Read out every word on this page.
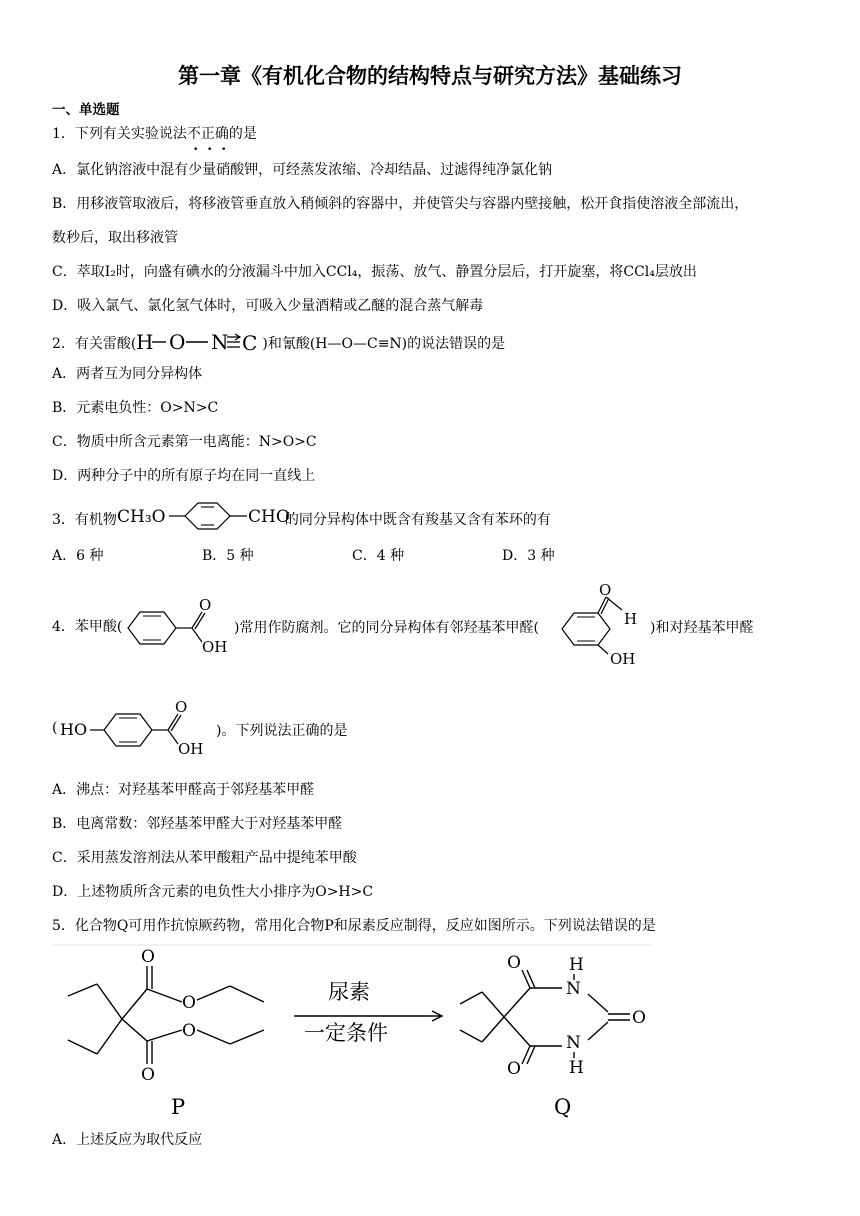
第一章《有机化合物的结构特点与研究方法》基础练习
一、单选题
1．下列有关实验说法不正确的是
A．氯化钠溶液中混有少量硝酸钾，可经蒸发浓缩、冷却结晶、过滤得纯净氯化钠
B．用移液管取液后，将移液管垂直放入稍倾斜的容器中，并使管尖与容器内壁接触，松开食指使溶液全部流出，
数秒后，取出移液管
C．萃取I₂时，向盛有碘水的分液漏斗中加入CCl₄，振荡、放气、静置分层后，打开旋塞，将CCl₄层放出
D．吸入氯气、氯化氢气体时，可吸入少量酒精或乙醚的混合蒸气解毒
2．有关雷酸( H O N C )和氰酸(H—O—C≡N)的说法错误的是
A．两者互为同分异构体
B．元素电负性：O>N>C
C．物质中所含元素第一电离能：N>O>C
D．两种分子中的所有原子均在同一直线上
3．有机物 CH₃O	CHO
的同分异构体中既含有羧基又含有苯环的有
A．6 种	B．5 种	C．4 种	D．3 种
4．苯甲酸(
O
OH
)常用作防腐剂。它的同分异构体有邻羟基苯甲醛(
O
H
OH
)和对羟基苯甲醛
( HO
O
OH
)。下列说法正确的是
A．沸点：对羟基苯甲醛高于邻羟基苯甲醛
B．电离常数：邻羟基苯甲醛大于对羟基苯甲醛
C．采用蒸发溶剂法从苯甲酸粗产品中提纯苯甲酸
D．上述物质所含元素的电负性大小排序为O>H>C
5．化合物Q可用作抗惊厥药物，常用化合物P和尿素反应制得，反应如图所示。下列说法错误的是
O
O
O
O
P
尿素
一定条件
O
N
H
N
H
O
O
Q
A．上述反应为取代反应
